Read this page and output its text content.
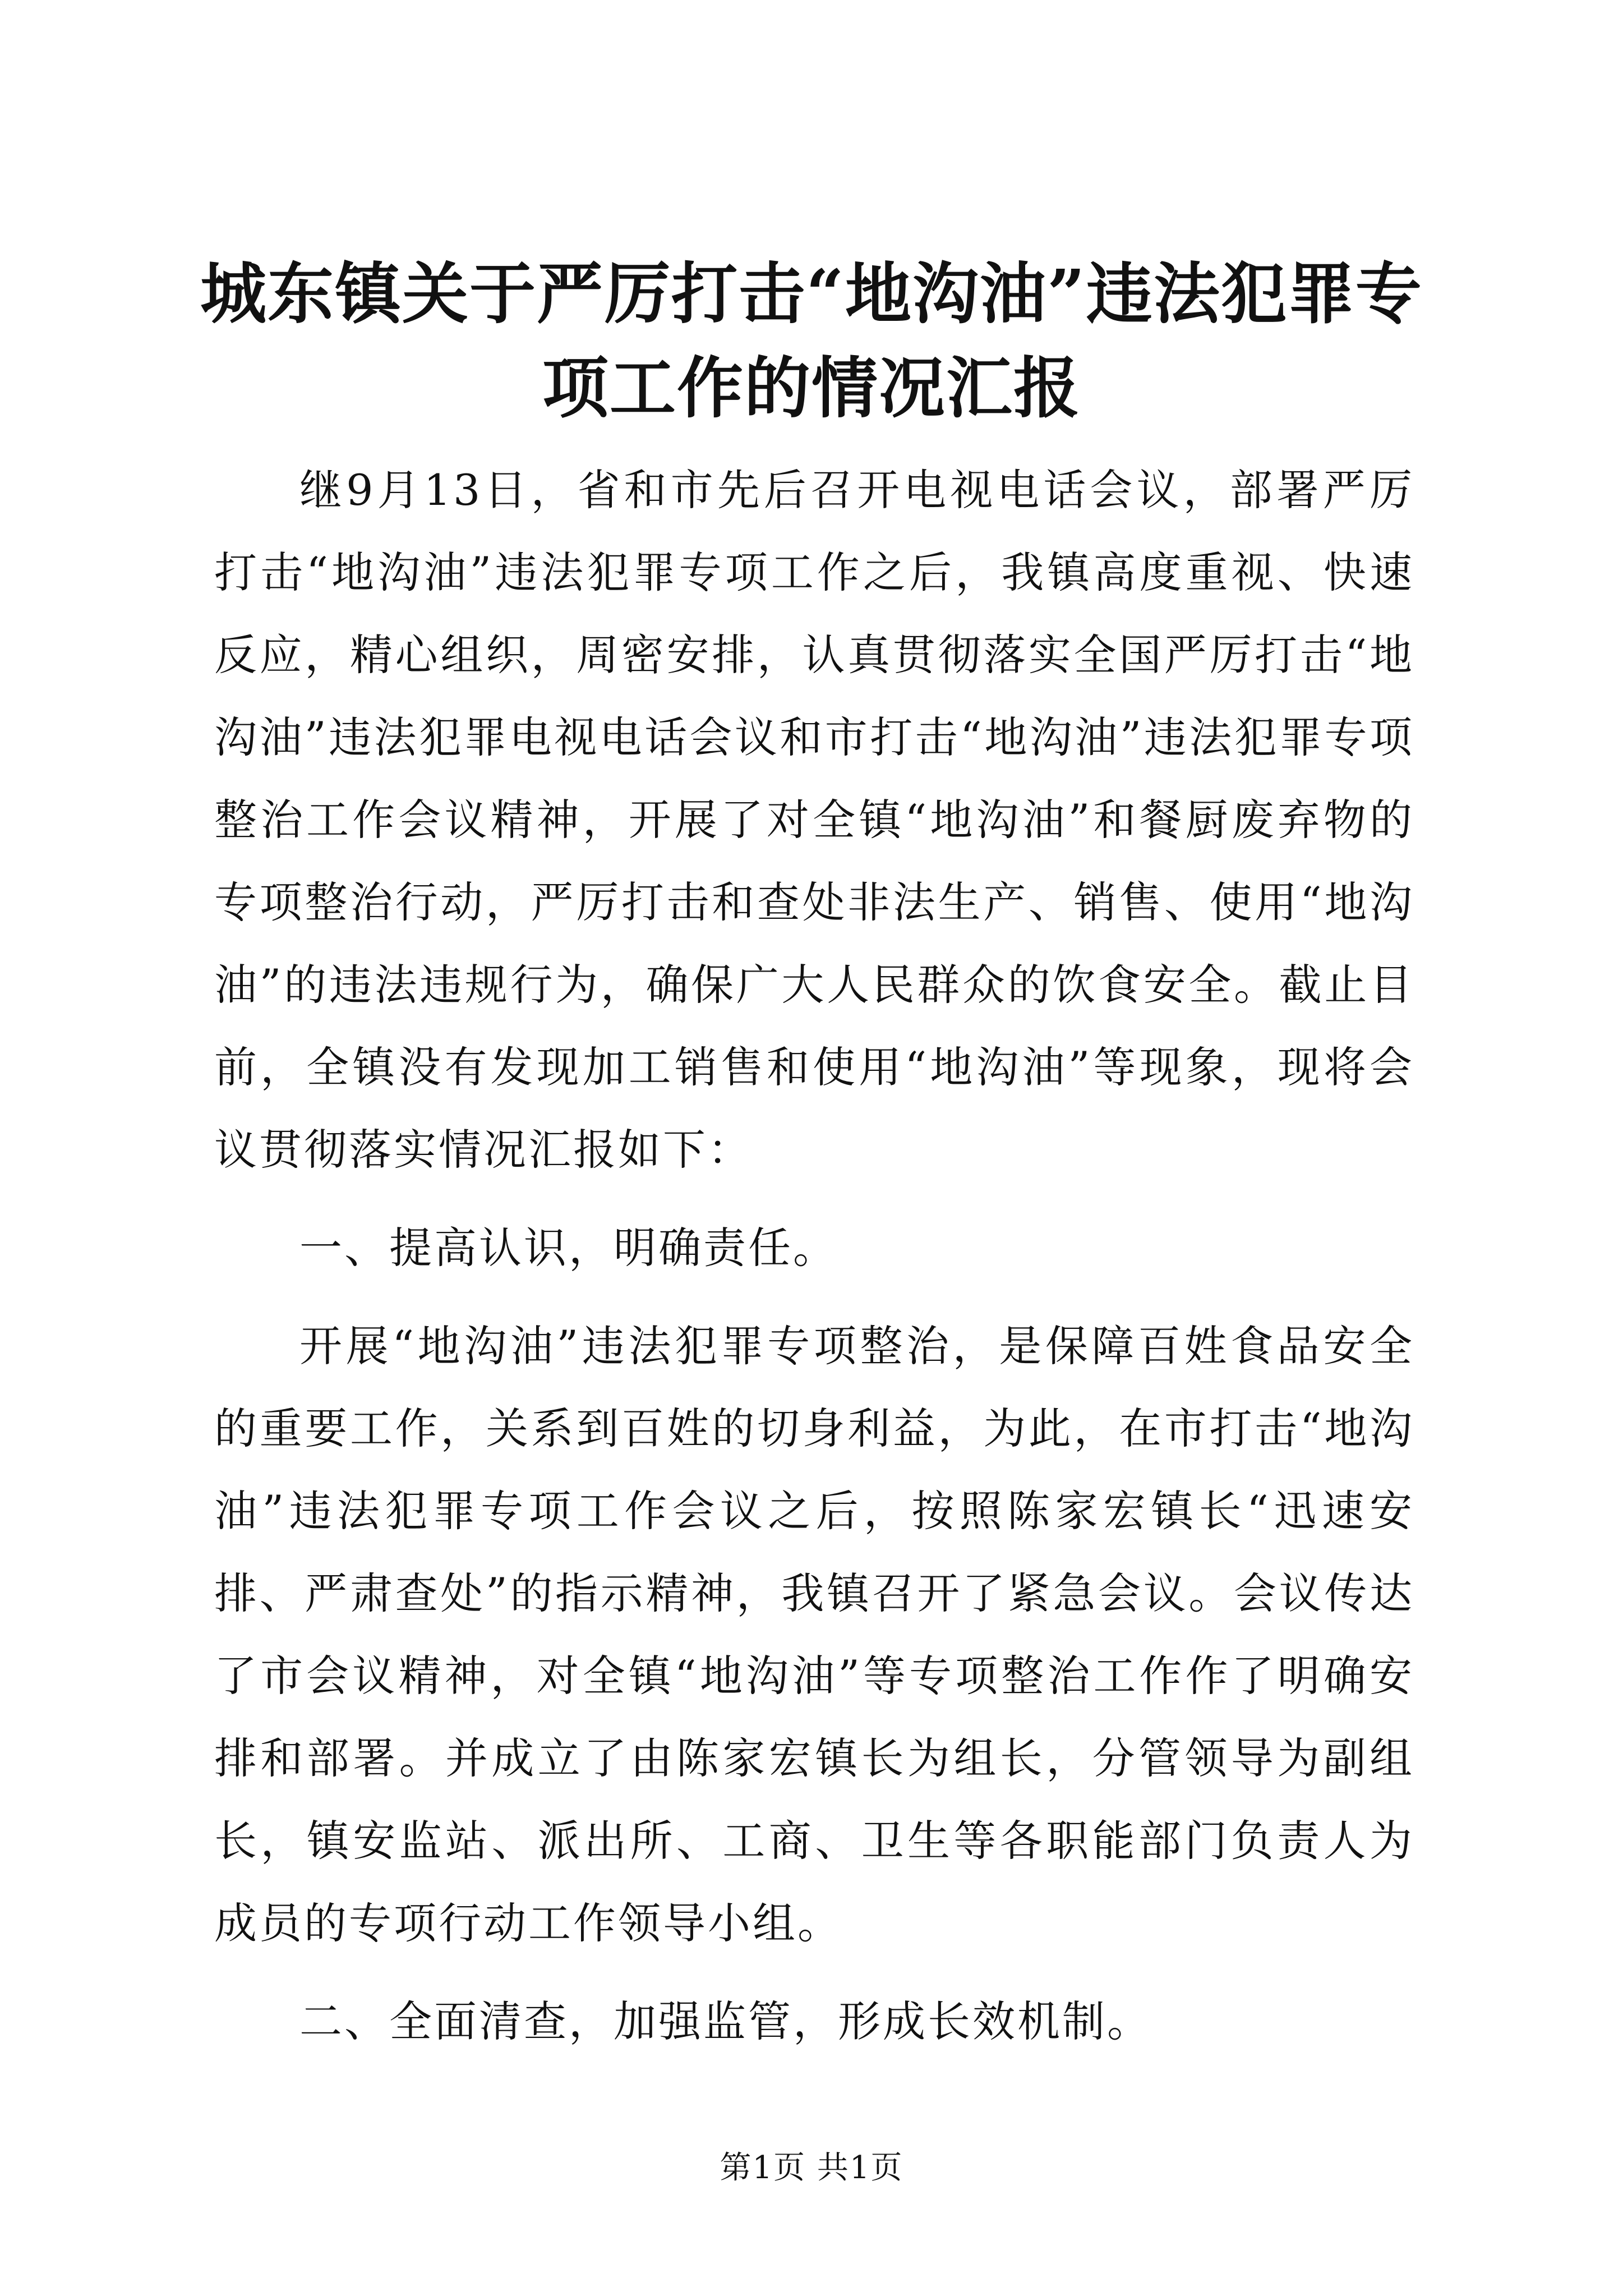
城东镇关于严厉打击“地沟油”违法犯罪专项工作的情况汇报

继9月13日，省和市先后召开电视电话会议，部署严厉打击“地沟油”违法犯罪专项工作之后，我镇高度重视、快速反应，精心组织，周密安排，认真贯彻落实全国严厉打击“地沟油”违法犯罪电视电话会议和市打击“地沟油”违法犯罪专项整治工作会议精神，开展了对全镇“地沟油”和餐厨废弃物的专项整治行动，严厉打击和查处非法生产、销售、使用“地沟油”的违法违规行为，确保广大人民群众的饮食安全。截止目前，全镇没有发现加工销售和使用“地沟油”等现象，现将会议贯彻落实情况汇报如下：

一、提高认识，明确责任。

开展“地沟油”违法犯罪专项整治，是保障百姓食品安全的重要工作，关系到百姓的切身利益，为此，在市打击“地沟油”违法犯罪专项工作会议之后，按照陈家宏镇长“迅速安排、严肃查处”的指示精神，我镇召开了紧急会议。会议传达了市会议精神，对全镇“地沟油”等专项整治工作作了明确安排和部署。并成立了由陈家宏镇长为组长，分管领导为副组长，镇安监站、派出所、工商、卫生等各职能部门负责人为成员的专项行动工作领导小组。

二、全面清查，加强监管，形成长效机制。

第1页 共1页
